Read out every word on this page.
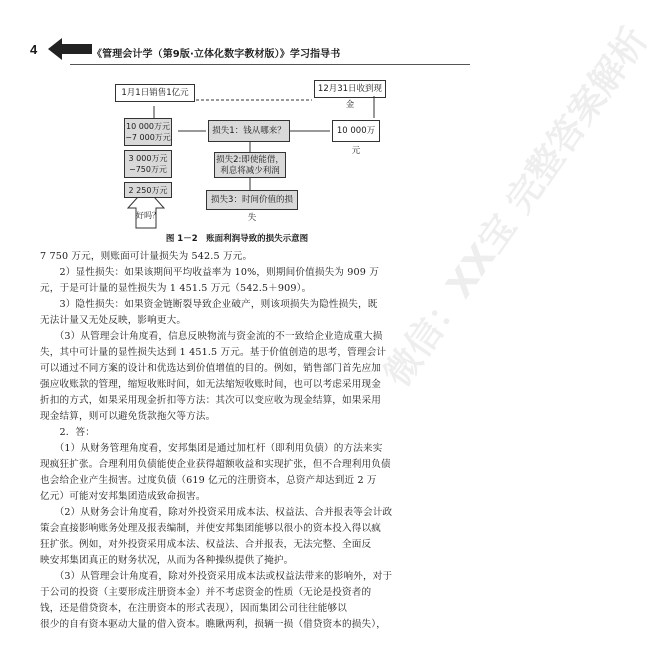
4	《管理会计学（第9版·立体化数字教材版）》学习指导书
1月1日销售1亿元	12月31日收到现金
10 000万元
−7 000万元
3 000万元
−750万元
2 250万元
好吗？
损失1：钱从哪来？	10 000万元
损失2:即使能借，
利息将减少利润
损失3：时间价值的损失
图 1－2　账面利润导致的损失示意图
7 750 万元，则账面可计量损失为 542.5 万元。
　　2）显性损失：如果该期间平均收益率为 10%，则期间价值损失为 909 万
元，于是可计量的显性损失为 1 451.5 万元（542.5＋909）。
　　3）隐性损失：如果资金链断裂导致企业破产，则该项损失为隐性损失，既
无法计量又无处反映，影响更大。
　　（3）从管理会计角度看，信息反映物流与资金流的不一致给企业造成重大损
失，其中可计量的显性损失达到 1 451.5 万元。基于价值创造的思考，管理会计
可以通过不同方案的设计和优选达到价值增值的目的。例如，销售部门首先应加
强应收账款的管理，缩短收账时间，如无法缩短收账时间，也可以考虑采用现金
折扣的方式，如果采用现金折扣等方法：其次可以变应收为现金结算，如果采用
现金结算，则可以避免货款拖欠等方法。
　　2．答：
　　（1）从财务管理角度看，安邦集团是通过加杠杆（即利用负债）的方法来实
现疯狂扩张。合理利用负债能使企业获得超额收益和实现扩张，但不合理利用负债
也会给企业产生损害。过度负债（619 亿元的注册资本，总资产却达到近 2 万
亿元）可能对安邦集团造成致命损害。
　　（2）从财务会计角度看，除对外投资采用成本法、权益法、合并报表等会计政
策会直接影响账务处理及报表编制，并使安邦集团能够以很小的资本投入得以疯
狂扩张。例如，对外投资采用成本法、权益法、合并报表，无法完整、全面反
映安邦集团真正的财务状况，从而为各种操纵提供了掩护。
　　（3）从管理会计角度看，除对外投资采用成本法或权益法带来的影响外，对于
于公司的投资（主要形成注册资本金）并不考虑资金的性质（无论是投资者的
钱，还是借贷资本，在注册资本的形式表现），因而集团公司往往能够以
很少的自有资本驱动大量的借入资本。瞧瞅两利，损辆一损（借贷资本的损失），
微信：XX宝 完整答案解析
